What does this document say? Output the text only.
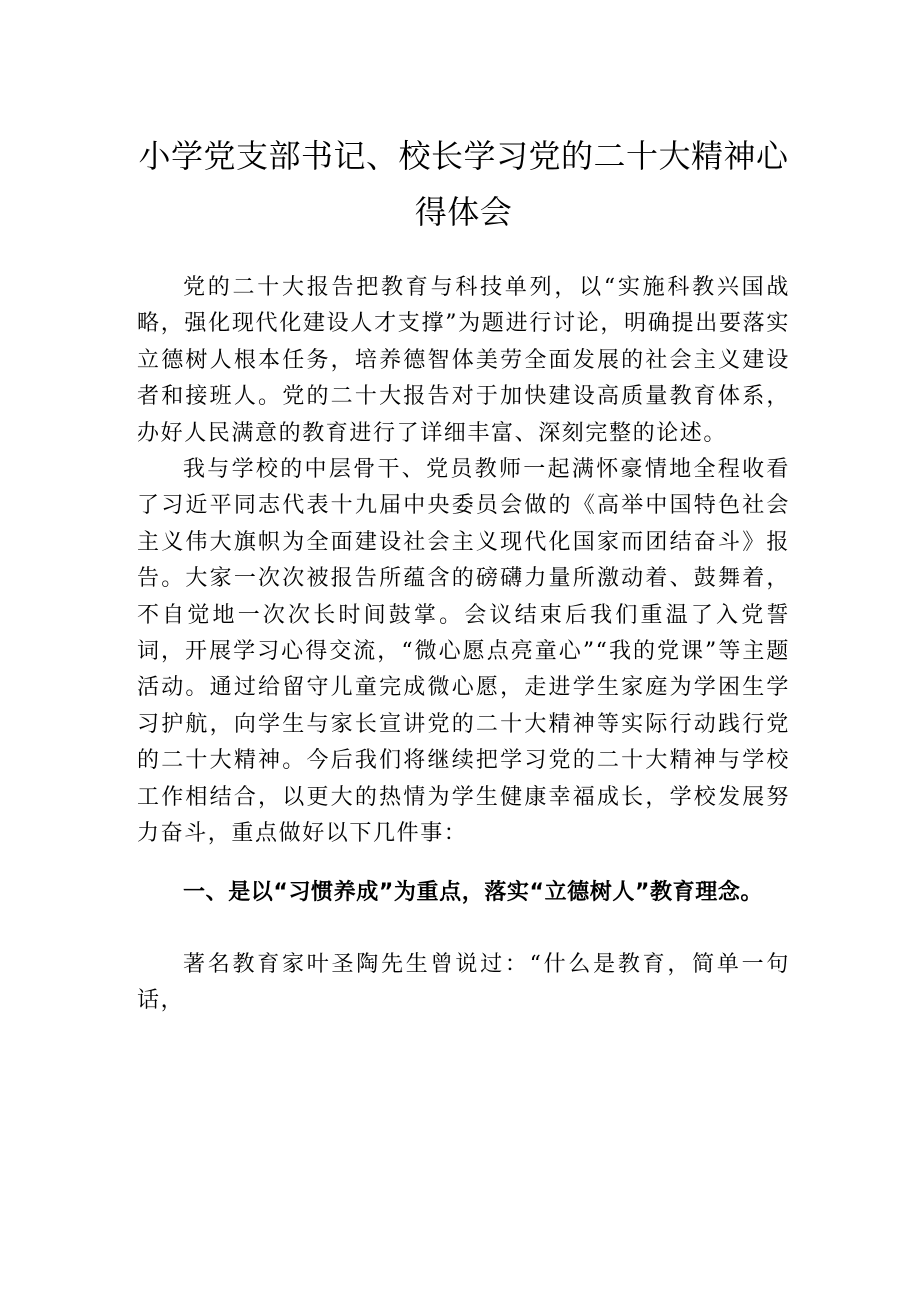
小学党支部书记、校长学习党的二十大精神心
得体会

党的二十大报告把教育与科技单列，以“实施科教兴国战略，强化现代化建设人才支撑”为题进行讨论，明确提出要落实立德树人根本任务，培养德智体美劳全面发展的社会主义建设者和接班人。党的二十大报告对于加快建设高质量教育体系，办好人民满意的教育进行了详细丰富、深刻完整的论述。

我与学校的中层骨干、党员教师一起满怀豪情地全程收看了习近平同志代表十九届中央委员会做的《高举中国特色社会主义伟大旗帜为全面建设社会主义现代化国家而团结奋斗》报告。大家一次次被报告所蕴含的磅礴力量所激动着、鼓舞着，不自觉地一次次长时间鼓掌。会议结束后我们重温了入党誓词，开展学习心得交流，“微心愿点亮童心”“我的党课”等主题活动。通过给留守儿童完成微心愿，走进学生家庭为学困生学习护航，向学生与家长宣讲党的二十大精神等实际行动践行党的二十大精神。今后我们将继续把学习党的二十大精神与学校工作相结合，以更大的热情为学生健康幸福成长，学校发展努力奋斗，重点做好以下几件事：

一、是以“习惯养成”为重点，落实“立德树人”教育理念。

著名教育家叶圣陶先生曾说过：“什么是教育，简单一句话，
